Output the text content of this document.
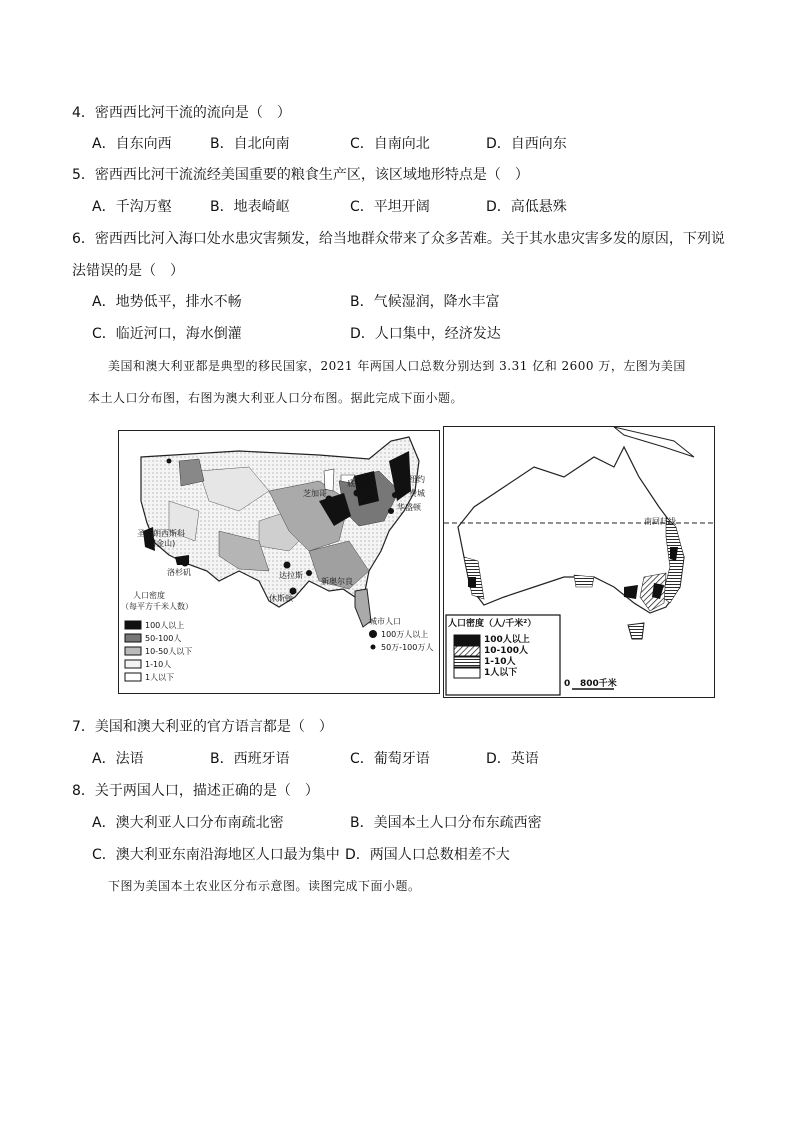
4．密西西比河干流的流向是（　）
A．自东向西	B．自北向南	C．自南向北	D．自西向东
5．密西西比河干流流经美国重要的粮食生产区，该区域地形特点是（　）
A．千沟万壑	B．地表崎岖	C．平坦开阔	D．高低悬殊
6．密西西比河入海口处水患灾害频发，给当地群众带来了众多苦难。关于其水患灾害多发的原因，下列说
法错误的是（　）
A．地势低平，排水不畅	B．气候湿润，降水丰富
C．临近河口，海水倒灌	D．人口集中，经济发达
美国和澳大利亚都是典型的移民国家，2021 年两国人口总数分别达到 3.31 亿和 2600 万，左图为美国
本土人口分布图，右图为澳大利亚人口分布图。据此完成下面小题。
圣弗朗西斯科
(旧金山)
洛杉矶
芝加哥
底特律	纽约
费城
华盛顿
达拉斯
新奥尔良
休斯顿
人口密度
（每平方千米人数）
100人以上
50-100人
10-50人以下
1-10人
1人以下
城市人口
100万人以上
50万-100万人
南回归线
人口密度（人/千米²）
100人以上
10-100人
1-10人
1人以下
0 800千米
7．美国和澳大利亚的官方语言都是（　）
A．法语	B．西班牙语	C．葡萄牙语	D．英语
8．关于两国人口，描述正确的是（　）
A．澳大利亚人口分布南疏北密	B．美国本土人口分布东疏西密
C．澳大利亚东南沿海地区人口最为集中 D．两国人口总数相差不大
下图为美国本土农业区分布示意图。读图完成下面小题。
